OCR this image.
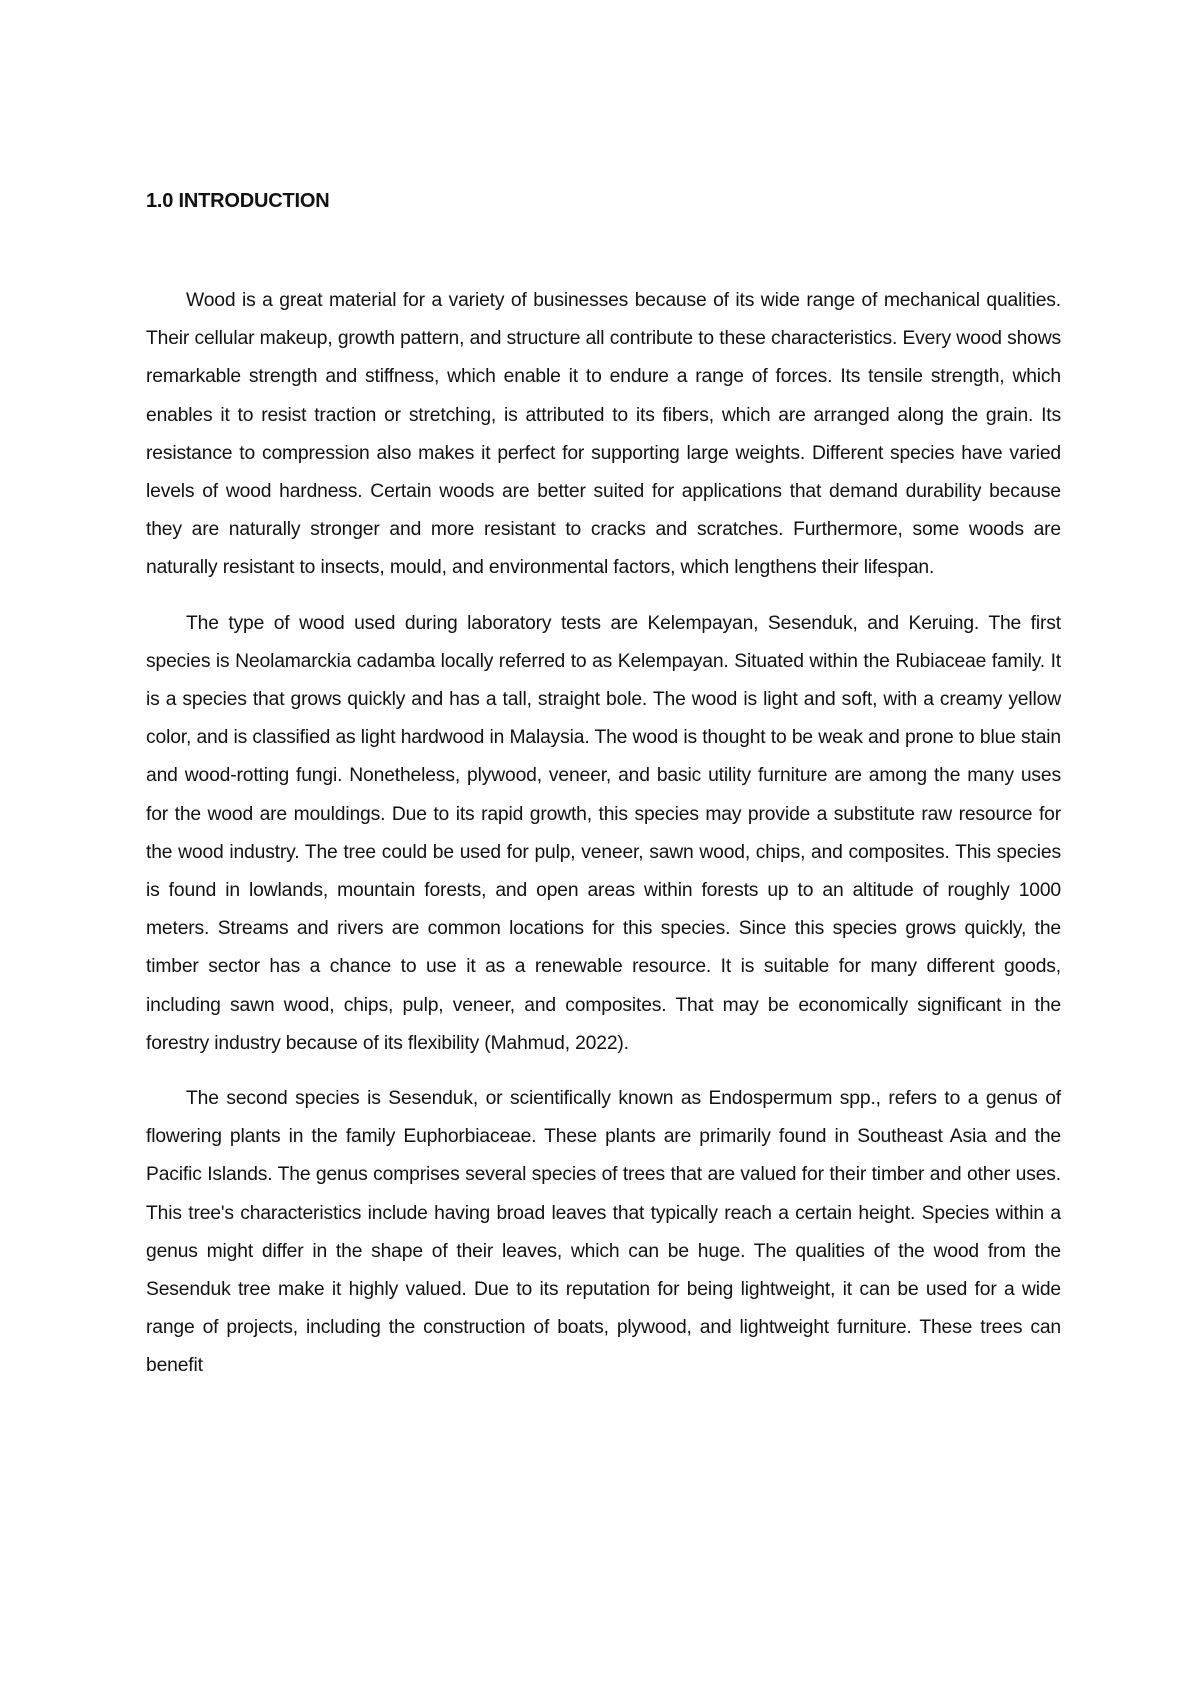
1.0 INTRODUCTION

Wood is a great material for a variety of businesses because of its wide range of mechanical qualities. Their cellular makeup, growth pattern, and structure all contribute to these characteristics. Every wood shows remarkable strength and stiffness, which enable it to endure a range of forces. Its tensile strength, which enables it to resist traction or stretching, is attributed to its fibers, which are arranged along the grain. Its resistance to compression also makes it perfect for supporting large weights. Different species have varied levels of wood hardness. Certain woods are better suited for applications that demand durability because they are naturally stronger and more resistant to cracks and scratches. Furthermore, some woods are naturally resistant to insects, mould, and environmental factors, which lengthens their lifespan.

The type of wood used during laboratory tests are Kelempayan, Sesenduk, and Keruing. The first species is Neolamarckia cadamba locally referred to as Kelempayan. Situated within the Rubiaceae family. It is a species that grows quickly and has a tall, straight bole. The wood is light and soft, with a creamy yellow color, and is classified as light hardwood in Malaysia. The wood is thought to be weak and prone to blue stain and wood-rotting fungi. Nonetheless, plywood, veneer, and basic utility furniture are among the many uses for the wood are mouldings. Due to its rapid growth, this species may provide a substitute raw resource for the wood industry. The tree could be used for pulp, veneer, sawn wood, chips, and composites. This species is found in lowlands, mountain forests, and open areas within forests up to an altitude of roughly 1000 meters. Streams and rivers are common locations for this species. Since this species grows quickly, the timber sector has a chance to use it as a renewable resource. It is suitable for many different goods, including sawn wood, chips, pulp, veneer, and composites. That may be economically significant in the forestry industry because of its flexibility (Mahmud, 2022).

The second species is Sesenduk, or scientifically known as Endospermum spp., refers to a genus of flowering plants in the family Euphorbiaceae. These plants are primarily found in Southeast Asia and the Pacific Islands. The genus comprises several species of trees that are valued for their timber and other uses. This tree's characteristics include having broad leaves that typically reach a certain height. Species within a genus might differ in the shape of their leaves, which can be huge. The qualities of the wood from the Sesenduk tree make it highly valued. Due to its reputation for being lightweight, it can be used for a wide range of projects, including the construction of boats, plywood, and lightweight furniture. These trees can benefit
